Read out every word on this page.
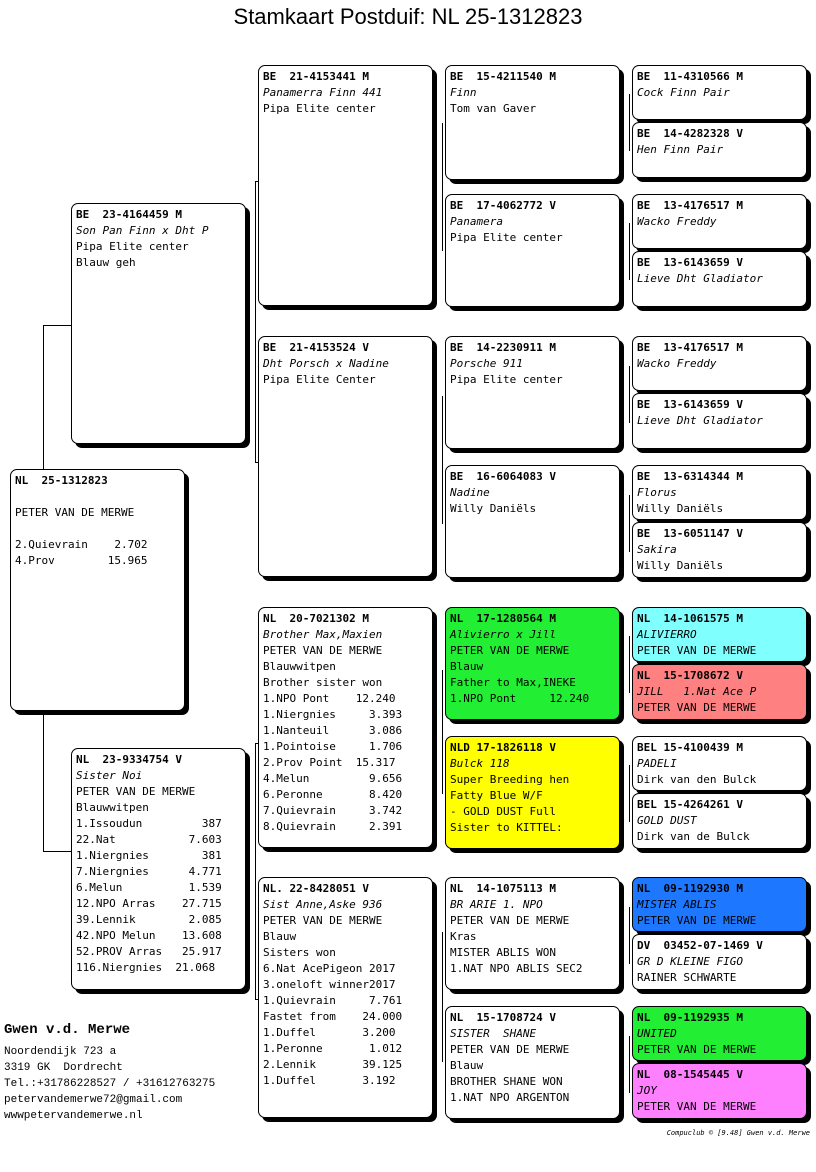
Stamkaart Postduif: NL 25-1312823
NL  25-1312823
PETER VAN DE MERWE
2.Quievrain    2.702
4.Prov        15.965
BE  23-4164459 M
Son Pan Finn x Dht P
Pipa Elite center
Blauw geh
NL  23-9334754 V
Sister Noi
PETER VAN DE MERWE
Blauwwitpen
1.Issoudun         387
22.Nat           7.603
1.Niergnies        381
7.Niergnies      4.771
6.Melun          1.539
12.NPO Arras    27.715
39.Lennik        2.085
42.NPO Melun    13.608
52.PROV Arras   25.917
116.Niergnies  21.068
BE  21-4153441 M
Panamerra Finn 441
Pipa Elite center
BE  21-4153524 V
Dht Porsch x Nadine
Pipa Elite Center
NL  20-7021302 M
Brother Max,Maxien
PETER VAN DE MERWE
Blauwwitpen
Brother sister won
1.NPO Pont    12.240
1.Niergnies     3.393
1.Nanteuil      3.086
1.Pointoise     1.706
2.Prov Point  15.317
4.Melun         9.656
6.Peronne       8.420
7.Quievrain     3.742
8.Quievrain     2.391
NL. 22-8428051 V
Sist Anne,Aske 936
PETER VAN DE MERWE
Blauw
Sisters won
6.Nat AcePigeon 2017
3.oneloft winner2017
1.Quievrain     7.761
Fastet from    24.000
1.Duffel       3.200
1.Peronne       1.012
2.Lennik       39.125
1.Duffel       3.192
BE  15-4211540 M
Finn
Tom van Gaver
BE  17-4062772 V
Panamera
Pipa Elite center
BE  14-2230911 M
Porsche 911
Pipa Elite center
BE  16-6064083 V
Nadine
Willy Daniëls
NL  17-1280564 M
Alivierro x Jill
PETER VAN DE MERWE
Blauw
Father to Max,INEKE
1.NPO Pont     12.240
NLD 17-1826118 V
Bulck 118
Super Breeding hen
Fatty Blue W/F
- GOLD DUST Full
Sister to KITTEL:
NL  14-1075113 M
BR ARIE 1. NPO
PETER VAN DE MERWE
Kras
MISTER ABLIS WON
1.NAT NPO ABLIS SEC2
NL  15-1708724 V
SISTER  SHANE
PETER VAN DE MERWE
Blauw
BROTHER SHANE WON
1.NAT NPO ARGENTON
BE  11-4310566 M
Cock Finn Pair
BE  14-4282328 V
Hen Finn Pair
BE  13-4176517 M
Wacko Freddy
BE  13-6143659 V
Lieve Dht Gladiator
BE  13-4176517 M
Wacko Freddy
BE  13-6143659 V
Lieve Dht Gladiator
BE  13-6314344 M
Florus
Willy Daniëls
BE  13-6051147 V
Sakira
Willy Daniëls
NL  14-1061575 M
ALIVIERRO
PETER VAN DE MERWE
NL  15-1708672 V
JILL   1.Nat Ace P
PETER VAN DE MERWE
BEL 15-4100439 M
PADELI
Dirk van den Bulck
BEL 15-4264261 V
GOLD DUST
Dirk van de Bulck
NL  09-1192930 M
MISTER ABLIS
PETER VAN DE MERWE
DV  03452-07-1469 V
GR D KLEINE FIGO
RAINER SCHWARTE
NL  09-1192935 M
UNITED
PETER VAN DE MERWE
NL  08-1545445 V
JOY
PETER VAN DE MERWE
Gwen v.d. Merwe
Noordendijk 723 a
3319 GK  Dordrecht
Tel.:+31786228527 / +31612763275
petervandemerwe72@gmail.com
wwwpetervandemerwe.nl
Compuclub © [9.48] Gwen v.d. Merwe
